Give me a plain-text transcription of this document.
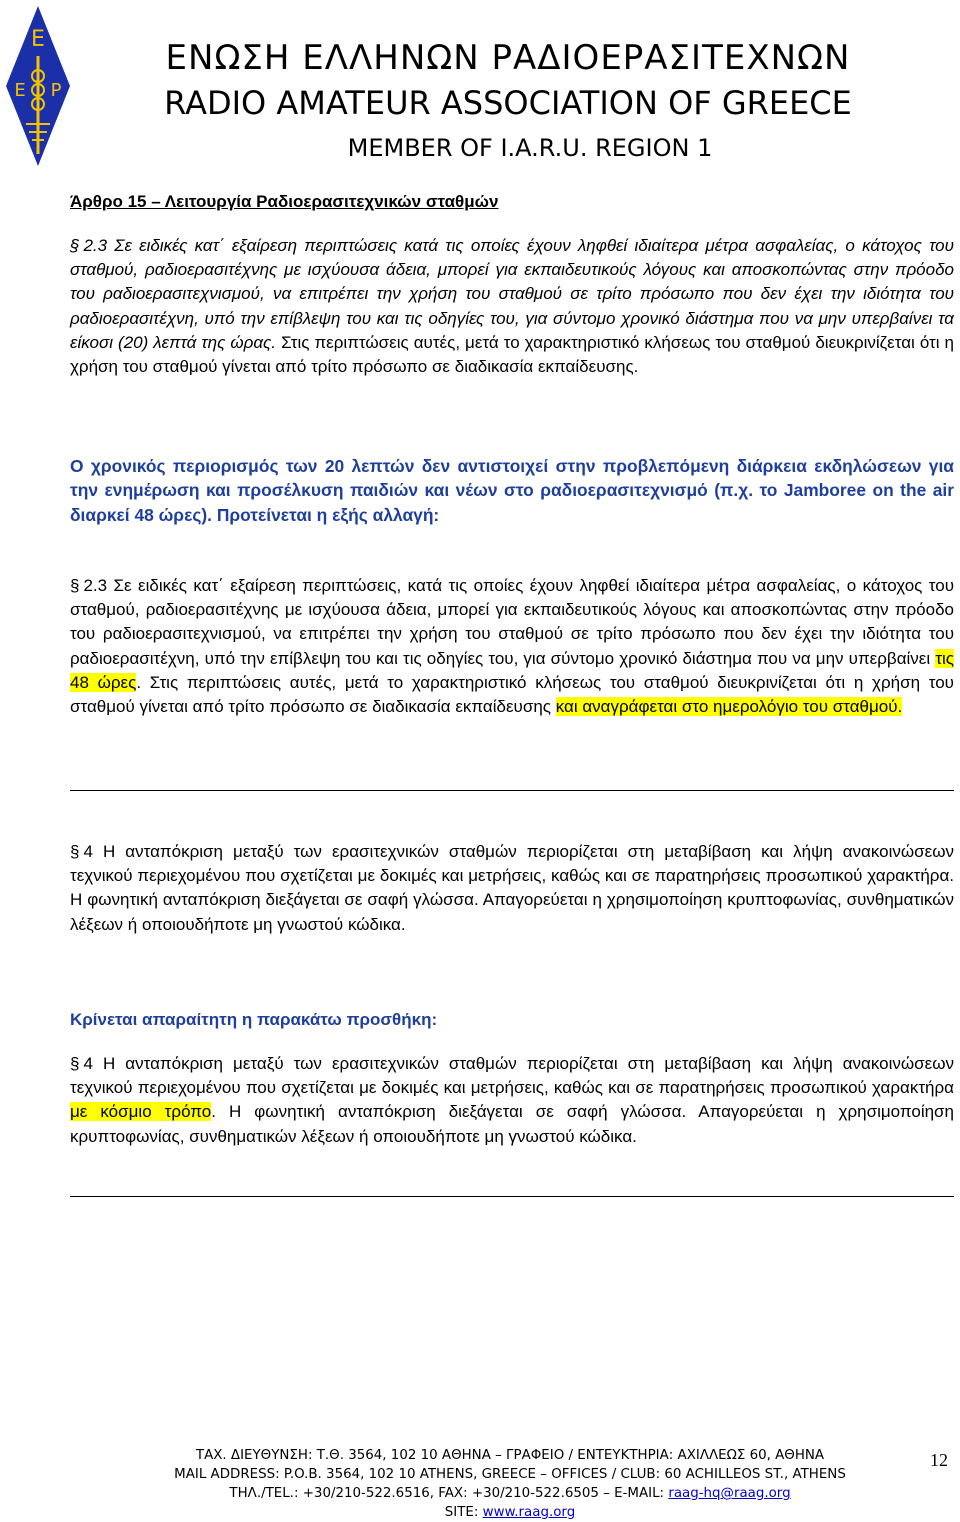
Ε
Ε Ρ
ΕΝΩΣΗ ΕΛΛΗΝΩΝ ΡΑΔΙΟΕΡΑΣΙΤΕΧΝΩΝ
RADIO AMATEUR ASSOCIATION OF GREECE
MEMBER OF I.A.R.U. REGION 1
Άρθρο 15 – Λειτουργία Ραδιοερασιτεχνικών σταθμών

§ 2.3 Σε ειδικές κατ΄ εξαίρεση περιπτώσεις κατά τις οποίες έχουν ληφθεί ιδιαίτερα μέτρα ασφαλείας, ο κάτοχος του σταθμού, ραδιοερασιτέχνης με ισχύουσα άδεια, μπορεί για εκπαιδευτικούς λόγους και αποσκοπώντας στην πρόοδο του ραδιοερασιτεχνισμού, να επιτρέπει την χρήση του σταθμού σε τρίτο πρόσωπο που δεν έχει την ιδιότητα του ραδιοερασιτέχνη, υπό την επίβλεψη του και τις οδηγίες του, για σύντομο χρονικό διάστημα που να μην υπερβαίνει τα είκοσι (20) λεπτά της ώρας. Στις περιπτώσεις αυτές, μετά το χαρακτηριστικό κλήσεως του σταθμού διευκρινίζεται ότι η χρήση του σταθμού γίνεται από τρίτο πρόσωπο σε διαδικασία εκπαίδευσης.

Ο χρονικός περιορισμός των 20 λεπτών δεν αντιστοιχεί στην προβλεπόμενη διάρκεια εκδηλώσεων για την ενημέρωση και προσέλκυση παιδιών και νέων στο ραδιοερασιτεχνισμό (π.χ. το Jamboree on the air διαρκεί 48 ώρες). Προτείνεται η εξής αλλαγή:

§ 2.3 Σε ειδικές κατ΄ εξαίρεση περιπτώσεις, κατά τις οποίες έχουν ληφθεί ιδιαίτερα μέτρα ασφαλείας, ο κάτοχος του σταθμού, ραδιοερασιτέχνης με ισχύουσα άδεια, μπορεί για εκπαιδευτικούς λόγους και αποσκοπώντας στην πρόοδο του ραδιοερασιτεχνισμού, να επιτρέπει την χρήση του σταθμού σε τρίτο πρόσωπο που δεν έχει την ιδιότητα του ραδιοερασιτέχνη, υπό την επίβλεψη του και τις οδηγίες του, για σύντομο χρονικό διάστημα που να μην υπερβαίνει τις 48 ώρες. Στις περιπτώσεις αυτές, μετά το χαρακτηριστικό κλήσεως του σταθμού διευκρινίζεται ότι η χρήση του σταθμού γίνεται από τρίτο πρόσωπο σε διαδικασία εκπαίδευσης και αναγράφεται στο ημερολόγιο του σταθμού.

§ 4 Η ανταπόκριση μεταξύ των ερασιτεχνικών σταθμών περιορίζεται στη μεταβίβαση και λήψη ανακοινώσεων τεχνικού περιεχομένου που σχετίζεται με δοκιμές και μετρήσεις, καθώς και σε παρατηρήσεις προσωπικού χαρακτήρα. Η φωνητική ανταπόκριση διεξάγεται σε σαφή γλώσσα. Απαγορεύεται η χρησιμοποίηση κρυπτοφωνίας, συνθηματικών λέξεων ή οποιουδήποτε μη γνωστού κώδικα.

Κρίνεται απαραίτητη η παρακάτω προσθήκη:

§ 4 Η ανταπόκριση μεταξύ των ερασιτεχνικών σταθμών περιορίζεται στη μεταβίβαση και λήψη ανακοινώσεων τεχνικού περιεχομένου που σχετίζεται με δοκιμές και μετρήσεις, καθώς και σε παρατηρήσεις προσωπικού χαρακτήρα με κόσμιο τρόπο. Η φωνητική ανταπόκριση διεξάγεται σε σαφή γλώσσα. Απαγορεύεται η χρησιμοποίηση κρυπτοφωνίας, συνθηματικών λέξεων ή οποιουδήποτε μη γνωστού κώδικα.

ΤΑΧ. ΔΙΕΥΘΥΝΣΗ: Τ.Θ. 3564, 102 10 ΑΘΗΝΑ – ΓΡΑΦΕΙΟ / ΕΝΤΕΥΚΤΗΡΙΑ: ΑΧΙΛΛΕΩΣ 60, ΑΘΗΝΑ
MAIL ADDRESS: P.O.B. 3564, 102 10 ATHENS, GREECE – OFFICES / CLUB: 60 ACHILLEOS ST., ATHENS
ΤΗΛ./TEL.: +30/210-522.6516, FAX: +30/210-522.6505 – E-MAIL: raag-hq@raag.org
SITE: www.raag.org
12
